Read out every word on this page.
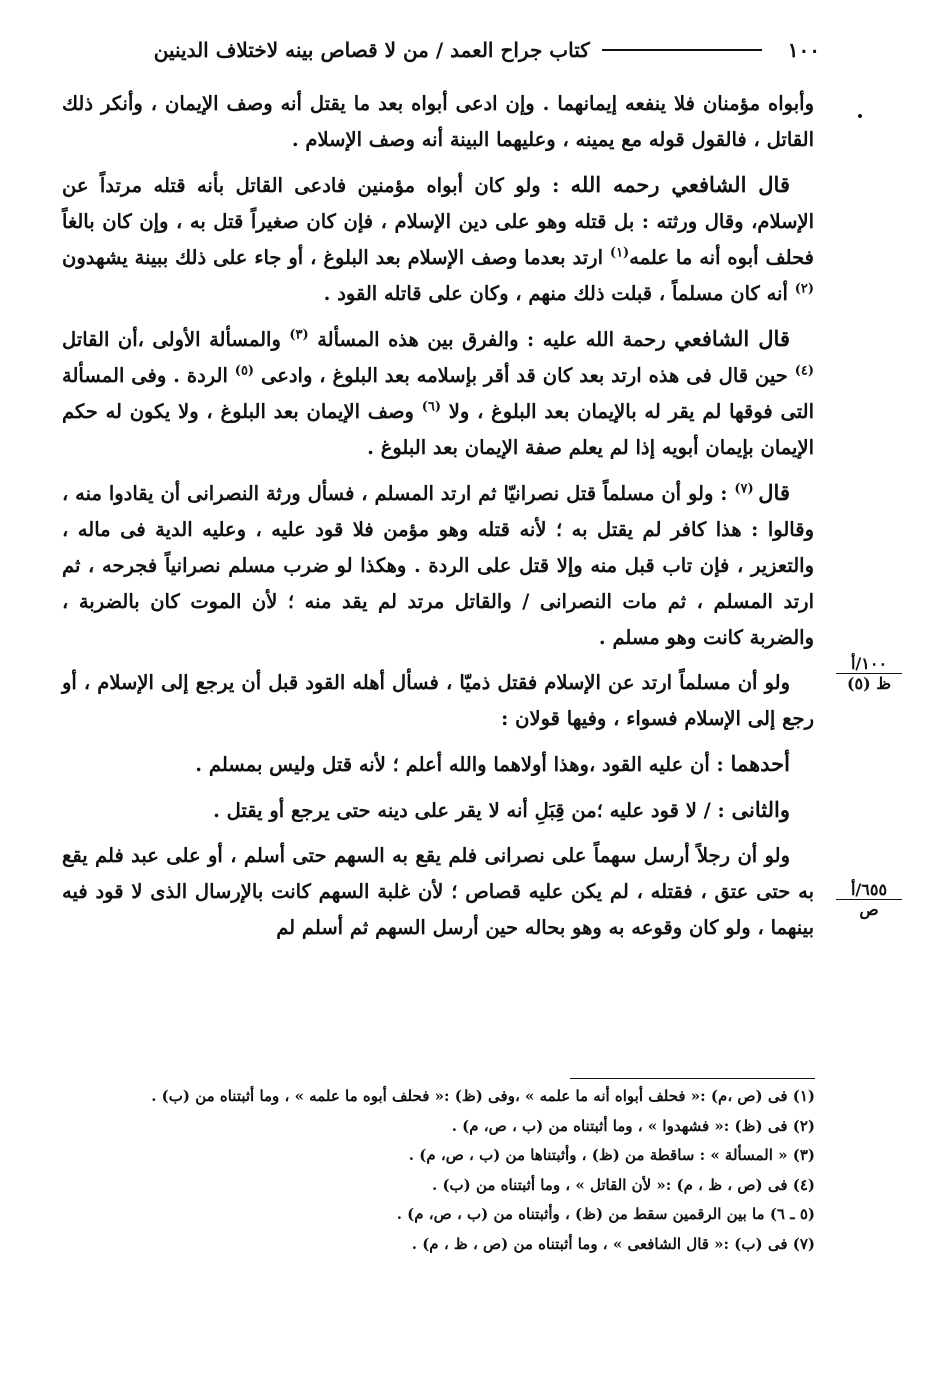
١٠٠
كتاب جراح العمد / من لا قصاص بينه لاختلاف الدينين

وأبواه مؤمنان فلا ينفعه إيمانهما . وإن ادعى أبواه بعد ما يقتل أنه وصف الإيمان ، وأنكر ذلك القاتل ، فالقول قوله مع يمينه ، وعليهما البينة أنه وصف الإسلام .

قال الشافعي رحمه الله : ولو كان أبواه مؤمنين فادعى القاتل بأنه قتله مرتداً عن الإسلام، وقال ورثته : بل قتله وهو على دين الإسلام ، فإن كان صغيراً قتل به ، وإن كان بالغاً فحلف أبوه أنه ما علمه$^{(١)}$ ارتد بعدما وصف الإسلام بعد البلوغ ، أو جاء على ذلك ببينة يشهدون $^{(٢)}$ أنه كان مسلماً ، قبلت ذلك منهم ، وكان على قاتله القود .

قال الشافعي رحمة الله عليه : والفرق بين هذه المسألة $^{(٣)}$ والمسألة الأولى ،أن القاتل $^{(٤)}$ حين قال فى هذه ارتد بعد كان قد أقر بإسلامه بعد البلوغ ، وادعى $^{(٥)}$ الردة . وفى المسألة التى فوقها لم يقر له بالإيمان بعد البلوغ ، ولا $^{(٦)}$ وصف الإيمان بعد البلوغ ، ولا يكون له حكم الإيمان بإيمان أبويه إذا لم يعلم صفة الإيمان بعد البلوغ .

قال $^{(٧)}$ : ولو أن مسلماً قتل نصرانيّا ثم ارتد المسلم ، فسأل ورثة النصرانى أن يقادوا منه ، وقالوا : هذا كافر لم يقتل به ؛ لأنه قتله وهو مؤمن فلا قود عليه ، وعليه الدية فى ماله ، والتعزير ، فإن تاب قبل منه وإلا قتل على الردة . وهكذا لو ضرب مسلم نصرانياً فجرحه ، ثم ارتد المسلم ، ثم مات النصرانى / والقاتل مرتد لم يقد منه ؛ لأن الموت كان بالضربة ، والضربة كانت وهو مسلم .

ولو أن مسلماً ارتد عن الإسلام فقتل ذميّا ، فسأل أهله القود قبل أن يرجع إلى الإسلام ، أو رجع إلى الإسلام فسواء ، وفيها قولان :

أحدهما : أن عليه القود ،وهذا أولاهما والله أعلم ؛ لأنه قتل وليس بمسلم .

والثانى : / لا قود عليه ؛من قِبَلِ أنه لا يقر على دينه حتى يرجع أو يقتل .

ولو أن رجلاً أرسل سهماً على نصرانى فلم يقع به السهم حتى أسلم ، أو على عبد فلم يقع به حتى عتق ، فقتله ، لم يكن عليه قصاص ؛ لأن غلبة السهم كانت بالإرسال الذى لا قود فيه بينهما ، ولو كان وقوعه به وهو بحاله حين أرسل السهم ثم أسلم لم

١٠٠/أ
ظ (٥)
٦٥٥/أ
ص
(١) فى (ص ،م) :« فحلف أبواه أنه ما علمه » ،وفى (ظ) :« فحلف أبوه ما علمه » ، وما أثبتناه من (ب) .
(٢) فى (ظ) :« فشهدوا » ، وما أثبتناه من (ب ، ص، م) .
(٣) « المسألة » : ساقطة من (ظ) ، وأثبتناها من (ب ، ص، م) .
(٤) فى (ص ، ظ ، م) :« لأن القاتل » ، وما أثبتناه من (ب) .
(٥ ـ ٦) ما بين الرقمين سقط من (ظ) ، وأثبتناه من (ب ، ص، م) .
(٧) فى (ب) :« قال الشافعى » ، وما أثبتناه من (ص ، ظ ، م) .
